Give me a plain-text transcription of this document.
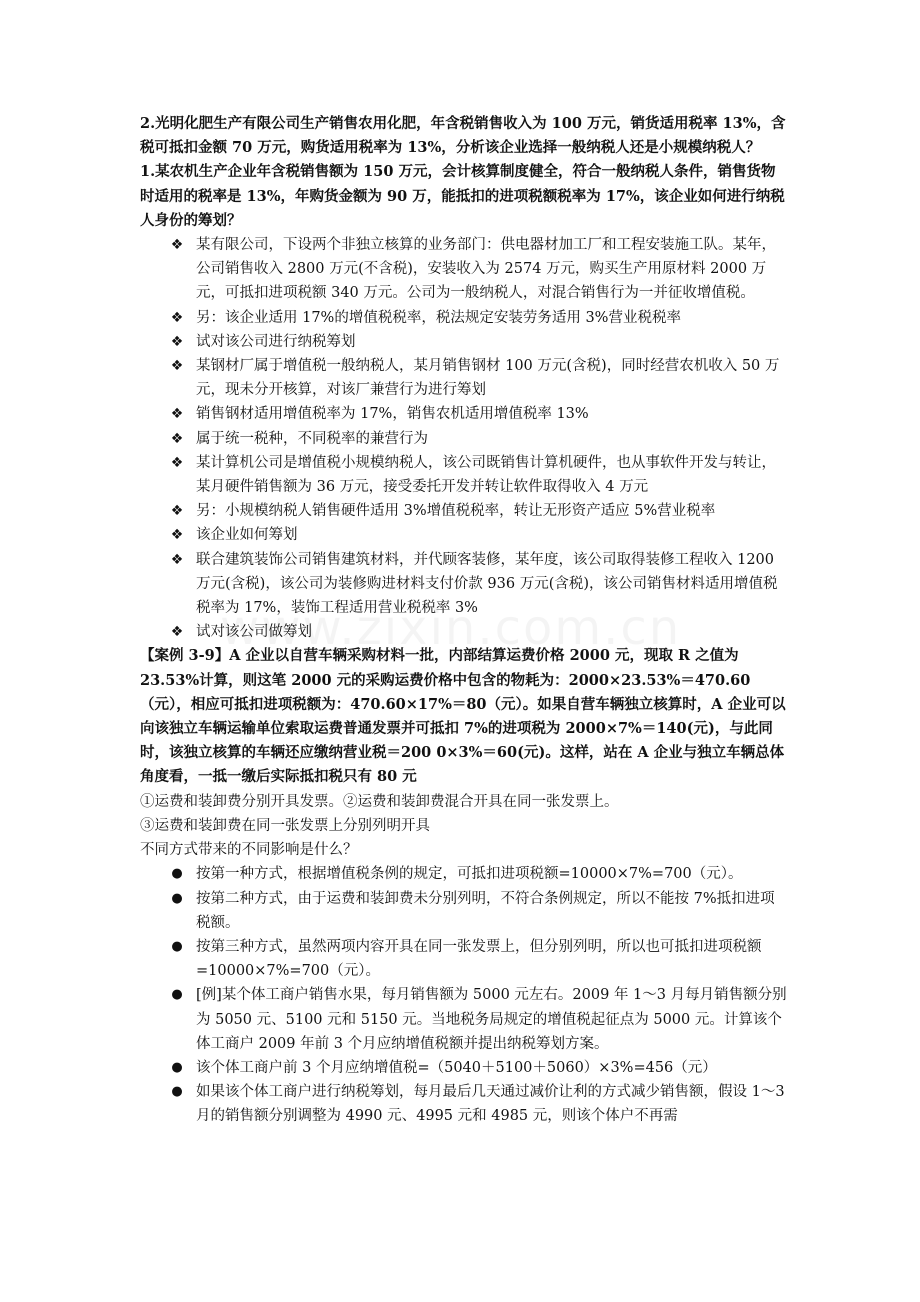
2.光明化肥生产有限公司生产销售农用化肥，年含税销售收入为 100 万元，销货适用税率 13%，含税可抵扣金额 70 万元，购货适用税率为 13%，分析该企业选择一般纳税人还是小规模纳税人？

1.某农机生产企业年含税销售额为 150 万元，会计核算制度健全，符合一般纳税人条件，销售货物时适用的税率是 13%，年购货金额为 90 万，能抵扣的进项税额税率为 17%，该企业如何进行纳税人身份的筹划？

❖ 某有限公司，下设两个非独立核算的业务部门：供电器材加工厂和工程安装施工队。某年，公司销售收入 2800 万元(不含税)，安装收入为 2574 万元，购买生产用原材料 2000 万元，可抵扣进项税额 340 万元。公司为一般纳税人，对混合销售行为一并征收增值税。
❖ 另：该企业适用 17%的增值税税率，税法规定安装劳务适用 3%营业税税率
❖ 试对该公司进行纳税筹划
❖ 某钢材厂属于增值税一般纳税人，某月销售钢材 100 万元(含税)，同时经营农机收入 50 万元，现未分开核算，对该厂兼营行为进行筹划
❖ 销售钢材适用增值税率为 17%，销售农机适用增值税率 13%
❖ 属于统一税种，不同税率的兼营行为
❖ 某计算机公司是增值税小规模纳税人，该公司既销售计算机硬件，也从事软件开发与转让，某月硬件销售额为 36 万元，接受委托开发并转让软件取得收入 4 万元
❖ 另：小规模纳税人销售硬件适用 3%增值税税率，转让无形资产适应 5%营业税率
❖ 该企业如何筹划
❖ 联合建筑装饰公司销售建筑材料，并代顾客装修，某年度，该公司取得装修工程收入 1200 万元(含税)，该公司为装修购进材料支付价款 936 万元(含税)，该公司销售材料适用增值税税率为 17%，装饰工程适用营业税税率 3%
❖ 试对该公司做筹划

【案例 3-9】A 企业以自营车辆采购材料一批，内部结算运费价格 2000 元，现取 R 之值为 23.53%计算，则这笔 2000 元的采购运费价格中包含的物耗为：2000×23.53%＝470.60（元），相应可抵扣进项税额为：470.60×17%＝80（元）。如果自营车辆独立核算时，A 企业可以向该独立车辆运输单位索取运费普通发票并可抵扣 7%的进项税为 2000×7%＝140(元)，与此同时，该独立核算的车辆还应缴纳营业税＝200 0×3%＝60(元)。这样，站在 A 企业与独立车辆总体角度看，一抵一缴后实际抵扣税只有 80 元

①运费和装卸费分别开具发票。②运费和装卸费混合开具在同一张发票上。

③运费和装卸费在同一张发票上分别列明开具

不同方式带来的不同影响是什么？

● 按第一种方式，根据增值税条例的规定，可抵扣进项税额=10000×7%=700（元）。
● 按第二种方式，由于运费和装卸费未分别列明，不符合条例规定，所以不能按 7%抵扣进项税额。
● 按第三种方式，虽然两项内容开具在同一张发票上，但分别列明，所以也可抵扣进项税额=10000×7%=700（元）。
● [例]某个体工商户销售水果，每月销售额为 5000 元左右。2009 年 1～3 月每月销售额分别为 5050 元、5100 元和 5150 元。当地税务局规定的增值税起征点为 5000 元。计算该个体工商户 2009 年前 3 个月应纳增值税额并提出纳税筹划方案。
● 该个体工商户前 3 个月应纳增值税=（5040＋5100＋5060）×3%=456（元）
● 如果该个体工商户进行纳税筹划，每月最后几天通过减价让利的方式减少销售额，假设 1～3 月的销售额分别调整为 4990 元、4995 元和 4985 元，则该个体户不再需
